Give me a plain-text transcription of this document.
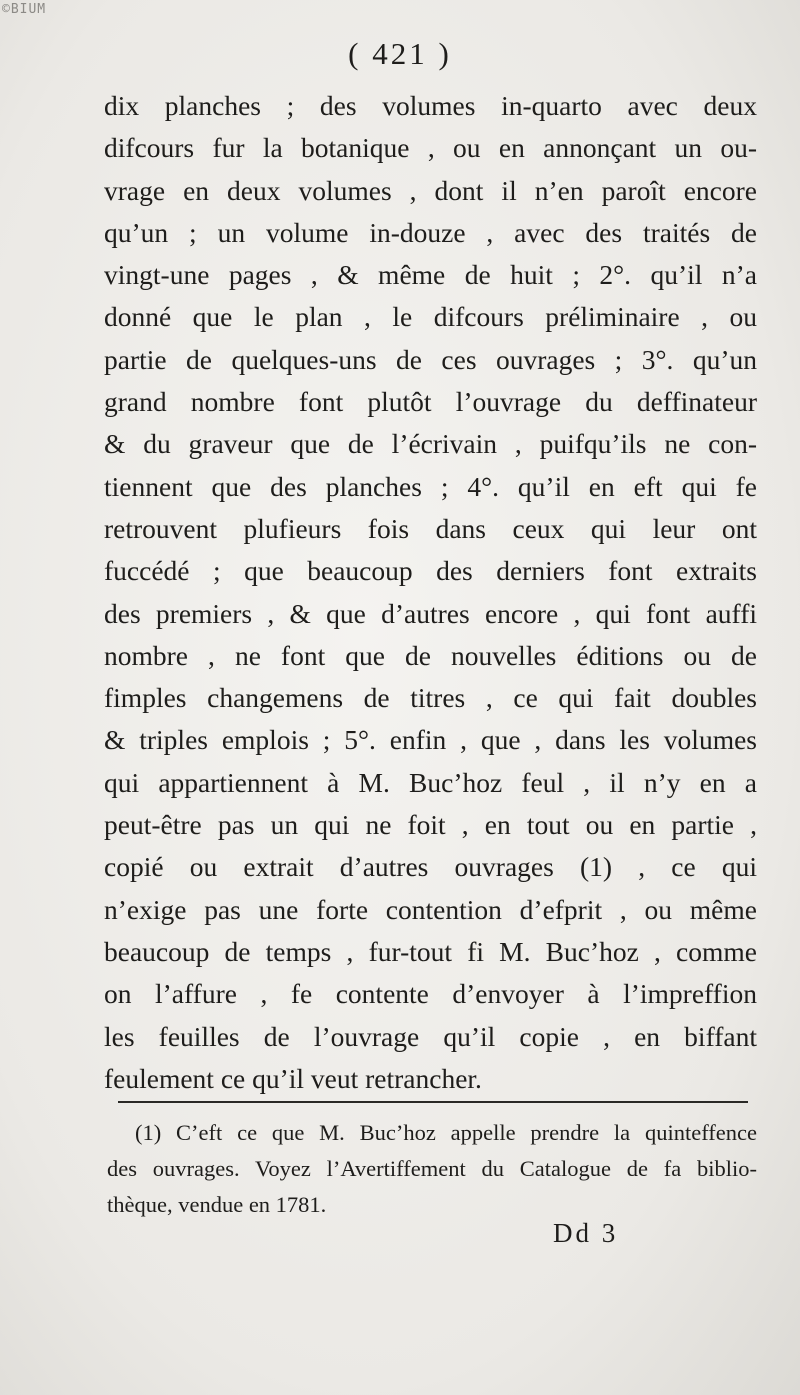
©BIUM
( 421 )
dix planches ; des volumes in-quarto avec deux
difcours fur la botanique , ou en annonçant un ou-
vrage en deux volumes , dont il n’en paroît encore
qu’un ; un volume in-douze , avec des traités de
vingt-une pages , & même de huit ; 2°. qu’il n’a
donné que le plan , le difcours préliminaire , ou
partie de quelques-uns de ces ouvrages ; 3°. qu’un
grand nombre font plutôt l’ouvrage du deffinateur
& du graveur que de l’écrivain , puifqu’ils ne con-
tiennent que des planches ; 4°. qu’il en eft qui fe
retrouvent plufieurs fois dans ceux qui leur ont
fuccédé ; que beaucoup des derniers font extraits
des premiers , & que d’autres encore , qui font auffi
nombre , ne font que de nouvelles éditions ou de
fimples changemens de titres , ce qui fait doubles
& triples emplois ; 5°. enfin , que , dans les volumes
qui appartiennent à M. Buc’hoz feul , il n’y en a
peut-être pas un qui ne foit , en tout ou en partie ,
copié ou extrait d’autres ouvrages (1) , ce qui
n’exige pas une forte contention d’efprit , ou même
beaucoup de temps , fur-tout fi M. Buc’hoz , comme
on l’affure , fe contente d’envoyer à l’impreffion
les feuilles de l’ouvrage qu’il copie , en biffant
feulement ce qu’il veut retrancher.
(1) C’eft ce que M. Buc’hoz appelle prendre la quinteffence
des ouvrages. Voyez l’Avertiffement du Catalogue de fa biblio-
thèque, vendue en 1781.
Dd 3
